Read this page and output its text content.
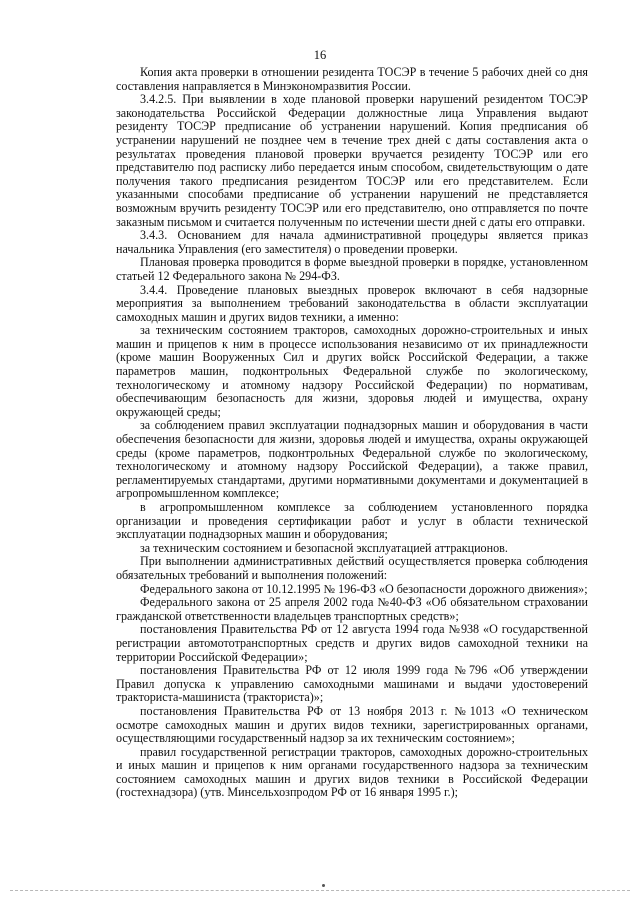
16

Копия акта проверки в отношении резидента ТОСЭР в течение 5 рабочих дней со дня составления направляется в Минэкономразвития России.

3.4.2.5. При выявлении в ходе плановой проверки нарушений резидентом ТОСЭР законодательства Российской Федерации должностные лица Управления выдают резиденту ТОСЭР предписание об устранении нарушений. Копия предписания об устранении нарушений не позднее чем в течение трех дней с даты составления акта о результатах проведения плановой проверки вручается резиденту ТОСЭР или его представителю под расписку либо передается иным способом, свидетельствующим о дате получения такого предписания резидентом ТОСЭР или его представителем. Если указанными способами предписание об устранении нарушений не представляется возможным вручить резиденту ТОСЭР или его представителю, оно отправляется по почте заказным письмом и считается полученным по истечении шести дней с даты его отправки.

3.4.3. Основанием для начала административной процедуры является приказ начальника Управления (его заместителя) о проведении проверки.

Плановая проверка проводится в форме выездной проверки в порядке, установленном статьей 12 Федерального закона № 294-ФЗ.

3.4.4. Проведение плановых выездных проверок включают в себя надзорные мероприятия за выполнением требований законодательства в области эксплуатации самоходных машин и других видов техники, а именно:

за техническим состоянием тракторов, самоходных дорожно-строительных и иных машин и прицепов к ним в процессе использования независимо от их принадлежности (кроме машин Вооруженных Сил и других войск Российской Федерации, а также параметров машин, подконтрольных Федеральной службе по экологическому, технологическому и атомному надзору Российской Федерации) по нормативам, обеспечивающим безопасность для жизни, здоровья людей и имущества, охрану окружающей среды;

за соблюдением правил эксплуатации поднадзорных машин и оборудования в части обеспечения безопасности для жизни, здоровья людей и имущества, охраны окружающей среды (кроме параметров, подконтрольных Федеральной службе по экологическому, технологическому и атомному надзору Российской Федерации), а также правил, регламентируемых стандартами, другими нормативными документами и документацией в агропромышленном комплексе;

в агропромышленном комплексе за соблюдением установленного порядка организации и проведения сертификации работ и услуг в области технической эксплуатации поднадзорных машин и оборудования;

за техническим состоянием и безопасной эксплуатацией аттракционов.

При выполнении административных действий осуществляется проверка соблюдения обязательных требований и выполнения положений:

Федерального закона от 10.12.1995 № 196-ФЗ «О безопасности дорожного движения»;

Федерального закона от 25 апреля 2002 года №40-ФЗ «Об обязательном страховании гражданской ответственности владельцев транспортных средств»;

постановления Правительства РФ от 12 августа 1994 года №938 «О государственной регистрации автомототранспортных средств и других видов самоходной техники на территории Российской Федерации»;

постановления Правительства РФ от 12 июля 1999 года №796 «Об утверждении Правил допуска к управлению самоходными машинами и выдачи удостоверений тракториста-машиниста (тракториста)»;

постановления Правительства РФ от 13 ноября 2013 г. №1013 «О техническом осмотре самоходных машин и других видов техники, зарегистрированных органами, осуществляющими государственный надзор за их техническим состоянием»;

правил государственной регистрации тракторов, самоходных дорожно-строительных и иных машин и прицепов к ним органами государственного надзора за техническим состоянием самоходных машин и других видов техники в Российской Федерации (гостехнадзора) (утв. Минсельхозпродом РФ от 16 января 1995 г.);
